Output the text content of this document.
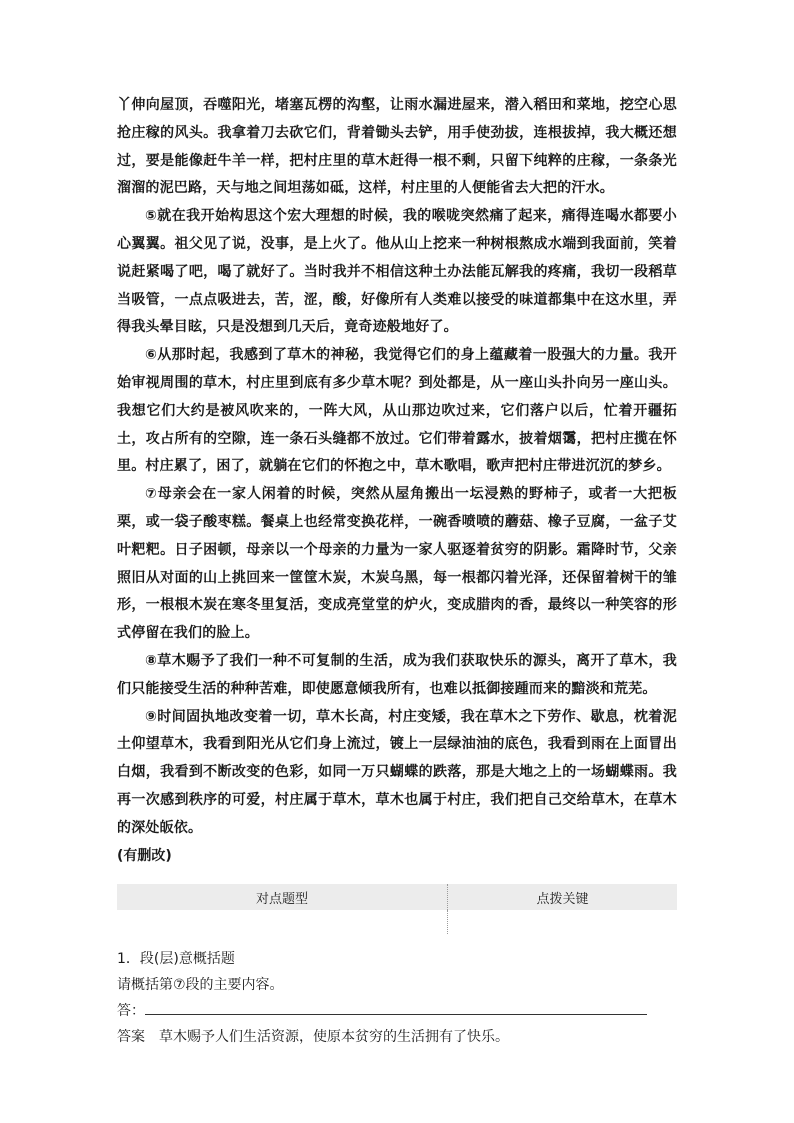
丫伸向屋顶，吞噬阳光，堵塞瓦楞的沟壑，让雨水漏进屋来，潜入稻田和菜地，挖空心思抢庄稼的风头。我拿着刀去砍它们，背着锄头去铲，用手使劲拔，连根拔掉，我大概还想过，要是能像赶牛羊一样，把村庄里的草木赶得一根不剩，只留下纯粹的庄稼，一条条光溜溜的泥巴路，天与地之间坦荡如砥，这样，村庄里的人便能省去大把的汗水。

⑤就在我开始构思这个宏大理想的时候，我的喉咙突然痛了起来，痛得连喝水都要小心翼翼。祖父见了说，没事，是上火了。他从山上挖来一种树根熬成水端到我面前，笑着说赶紧喝了吧，喝了就好了。当时我并不相信这种土办法能瓦解我的疼痛，我切一段稻草当吸管，一点点吸进去，苦，涩，酸，好像所有人类难以接受的味道都集中在这水里，弄得我头晕目眩，只是没想到几天后，竟奇迹般地好了。

⑥从那时起，我感到了草木的神秘，我觉得它们的身上蕴藏着一股强大的力量。我开始审视周围的草木，村庄里到底有多少草木呢？到处都是，从一座山头扑向另一座山头。我想它们大约是被风吹来的，一阵大风，从山那边吹过来，它们落户以后，忙着开疆拓土，攻占所有的空隙，连一条石头缝都不放过。它们带着露水，披着烟霭，把村庄揽在怀里。村庄累了，困了，就躺在它们的怀抱之中，草木歌唱，歌声把村庄带进沉沉的梦乡。

⑦母亲会在一家人闲着的时候，突然从屋角搬出一坛浸熟的野柿子，或者一大把板栗，或一袋子酸枣糕。餐桌上也经常变换花样，一碗香喷喷的蘑菇、橡子豆腐，一盆子艾叶粑粑。日子困顿，母亲以一个母亲的力量为一家人驱逐着贫穷的阴影。霜降时节，父亲照旧从对面的山上挑回来一筐筐木炭，木炭乌黑，每一根都闪着光泽，还保留着树干的雏形，一根根木炭在寒冬里复活，变成亮堂堂的炉火，变成腊肉的香，最终以一种笑容的形式停留在我们的脸上。

⑧草木赐予了我们一种不可复制的生活，成为我们获取快乐的源头，离开了草木，我们只能接受生活的种种苦难，即使愿意倾我所有，也难以抵御接踵而来的黯淡和荒芜。

⑨时间固执地改变着一切，草木长高，村庄变矮，我在草木之下劳作、歇息，枕着泥土仰望草木，我看到阳光从它们身上流过，镀上一层绿油油的底色，我看到雨在上面冒出白烟，我看到不断改变的色彩，如同一万只蝴蝶的跌落，那是大地之上的一场蝴蝶雨。我再一次感到秩序的可爱，村庄属于草木，草木也属于村庄，我们把自己交给草木，在草木的深处皈依。

(有删改)

对点题型	点拨关键

1．段(层)意概括题

请概括第⑦段的主要内容。

答：

答案 草木赐予人们生活资源，使原本贫穷的生活拥有了快乐。
